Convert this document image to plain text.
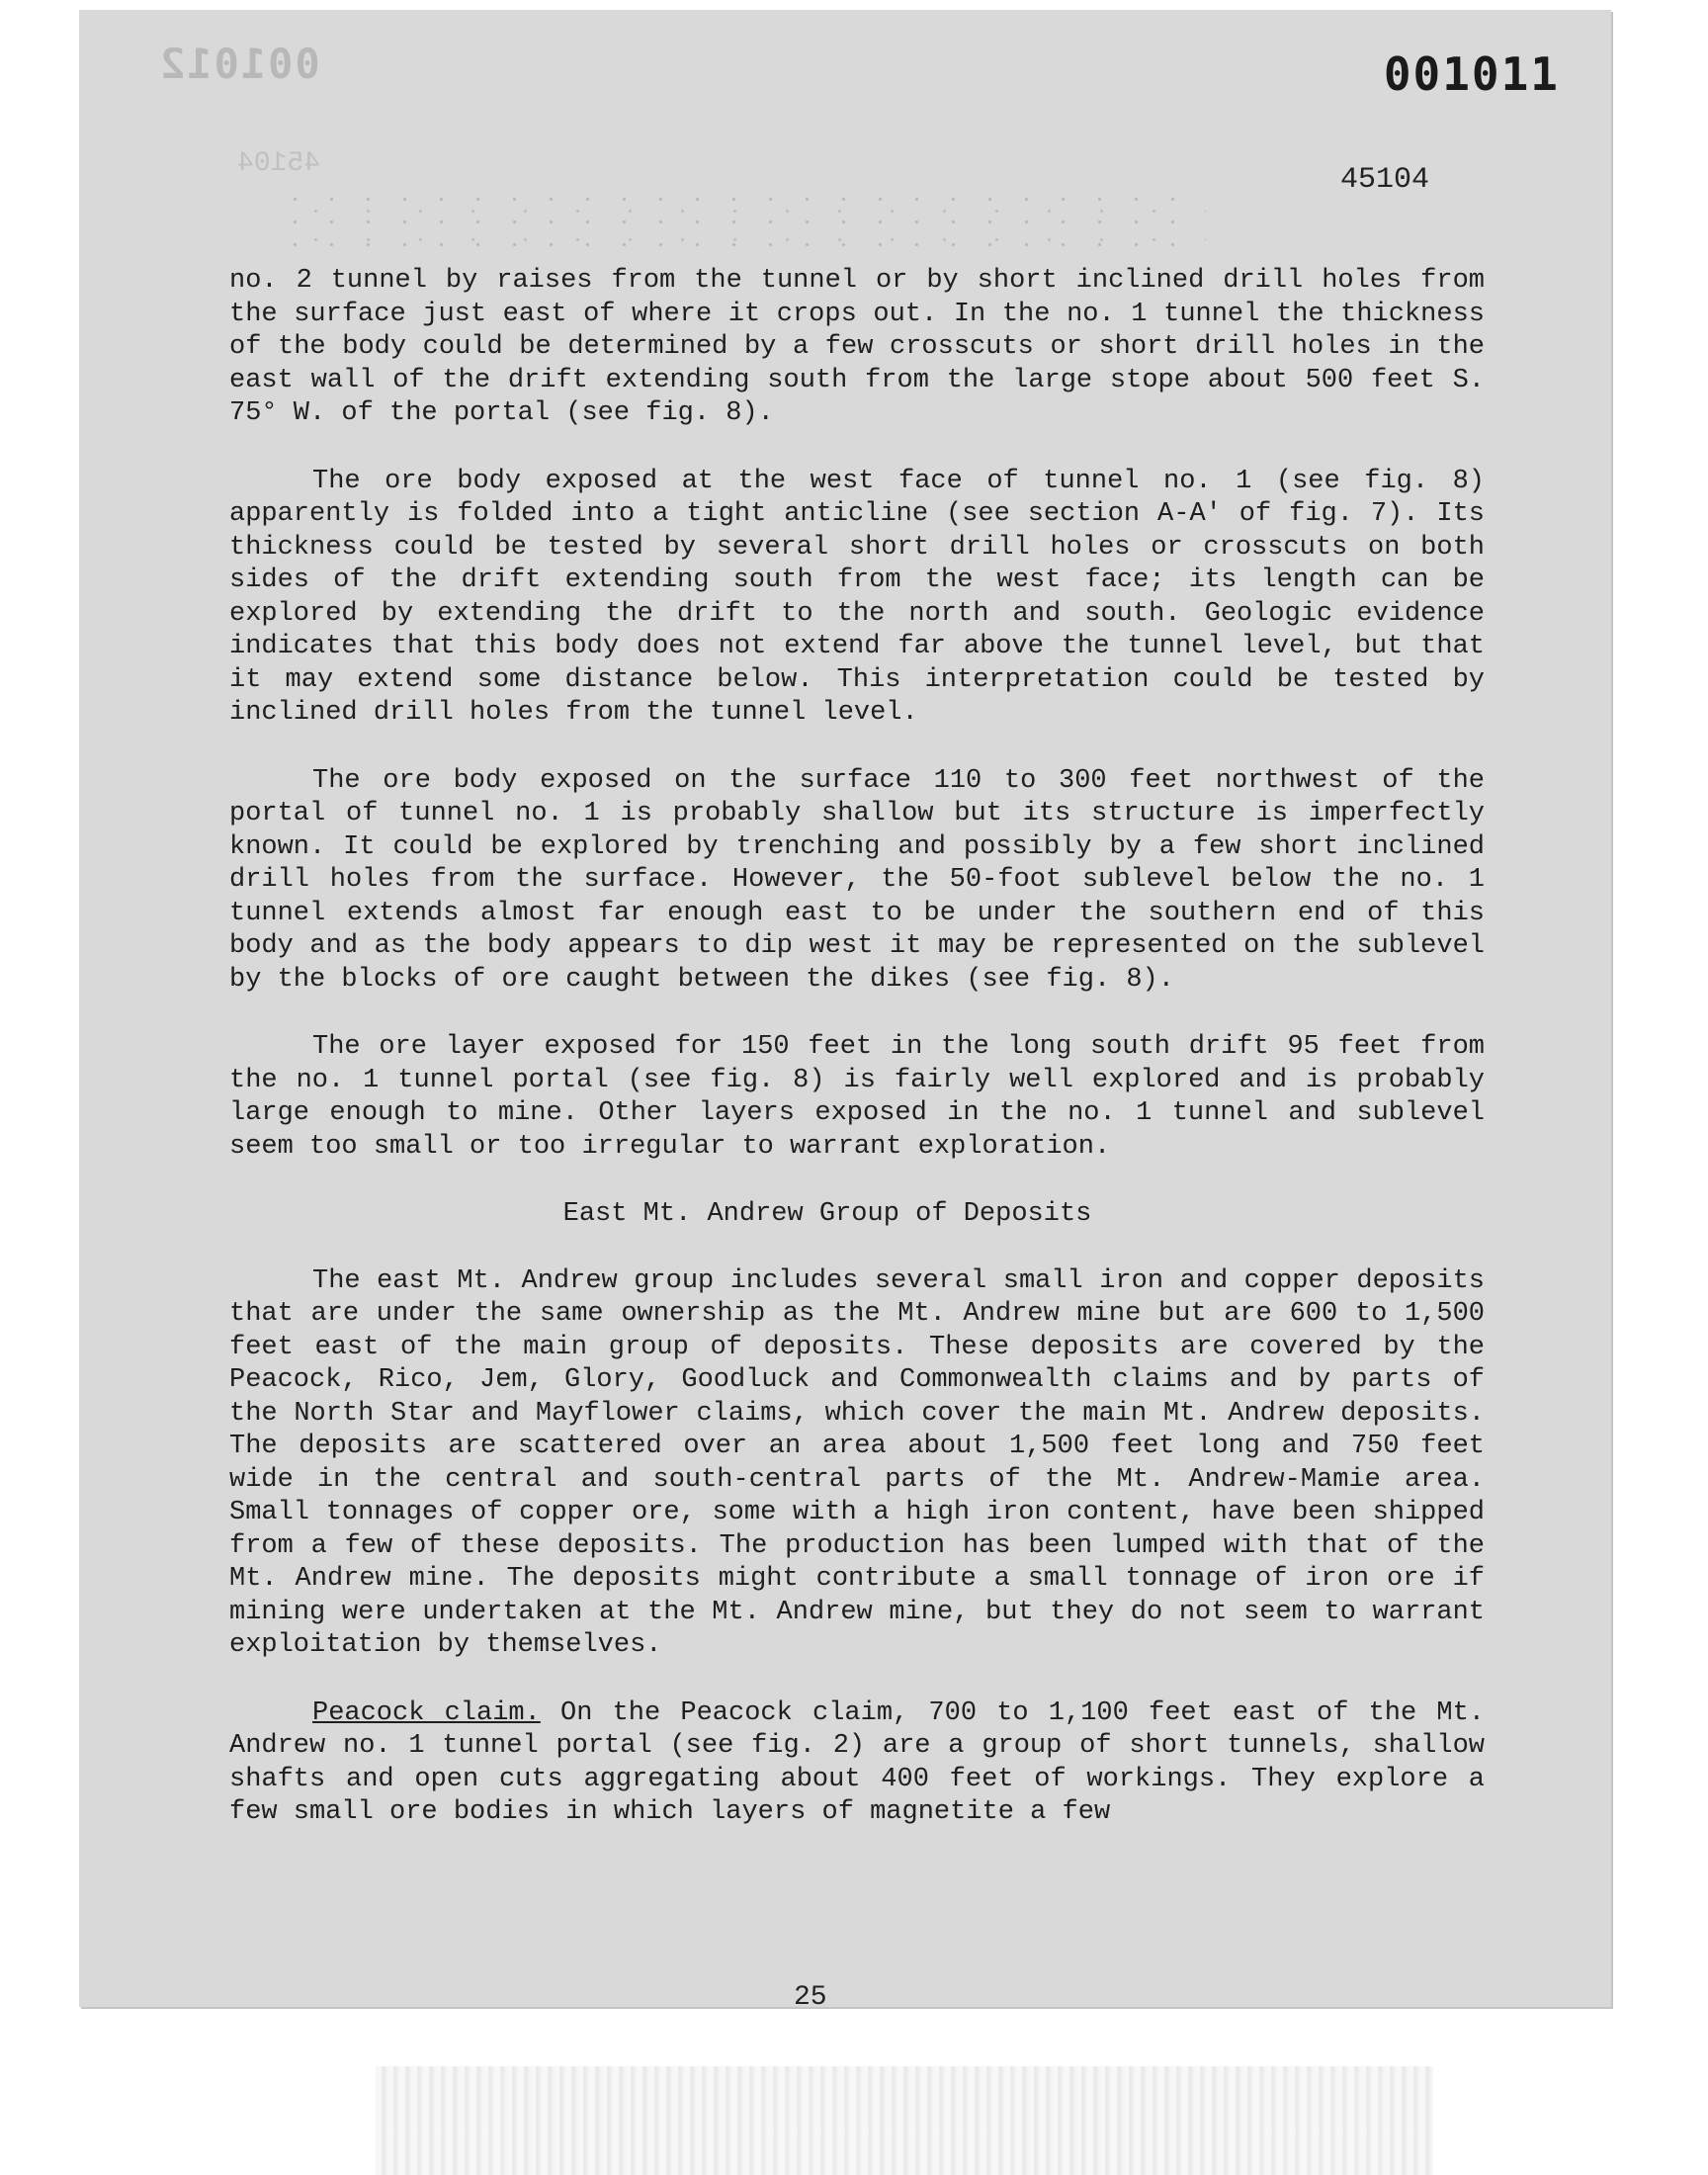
001012
45104
001011
45104

no. 2 tunnel by raises from the tunnel or by short inclined drill holes from the surface just east of where it crops out. In the no. 1 tunnel the thickness of the body could be determined by a few crosscuts or short drill holes in the east wall of the drift extending south from the large stope about 500 feet S. 75° W. of the portal (see fig. 8).

The ore body exposed at the west face of tunnel no. 1 (see fig. 8) apparently is folded into a tight anticline (see section A-A' of fig. 7). Its thickness could be tested by several short drill holes or crosscuts on both sides of the drift extending south from the west face; its length can be explored by extending the drift to the north and south. Geologic evidence indicates that this body does not extend far above the tunnel level, but that it may extend some distance below. This interpretation could be tested by inclined drill holes from the tunnel level.

The ore body exposed on the surface 110 to 300 feet northwest of the portal of tunnel no. 1 is probably shallow but its structure is imperfectly known. It could be explored by trenching and possibly by a few short inclined drill holes from the surface. However, the 50-foot sublevel below the no. 1 tunnel extends almost far enough east to be under the southern end of this body and as the body appears to dip west it may be represented on the sublevel by the blocks of ore caught between the dikes (see fig. 8).

The ore layer exposed for 150 feet in the long south drift 95 feet from the no. 1 tunnel portal (see fig. 8) is fairly well explored and is probably large enough to mine. Other layers exposed in the no. 1 tunnel and sublevel seem too small or too irregular to warrant exploration.

East Mt. Andrew Group of Deposits

The east Mt. Andrew group includes several small iron and copper deposits that are under the same ownership as the Mt. Andrew mine but are 600 to 1,500 feet east of the main group of deposits. These deposits are covered by the Peacock, Rico, Jem, Glory, Goodluck and Commonwealth claims and by parts of the North Star and Mayflower claims, which cover the main Mt. Andrew deposits. The deposits are scattered over an area about 1,500 feet long and 750 feet wide in the central and south-central parts of the Mt. Andrew-Mamie area. Small tonnages of copper ore, some with a high iron content, have been shipped from a few of these deposits. The production has been lumped with that of the Mt. Andrew mine. The deposits might contribute a small tonnage of iron ore if mining were undertaken at the Mt. Andrew mine, but they do not seem to warrant exploitation by themselves.

Peacock claim. On the Peacock claim, 700 to 1,100 feet east of the Mt. Andrew no. 1 tunnel portal (see fig. 2) are a group of short tunnels, shallow shafts and open cuts aggregating about 400 feet of workings. They explore a few small ore bodies in which layers of magnetite a few

25
